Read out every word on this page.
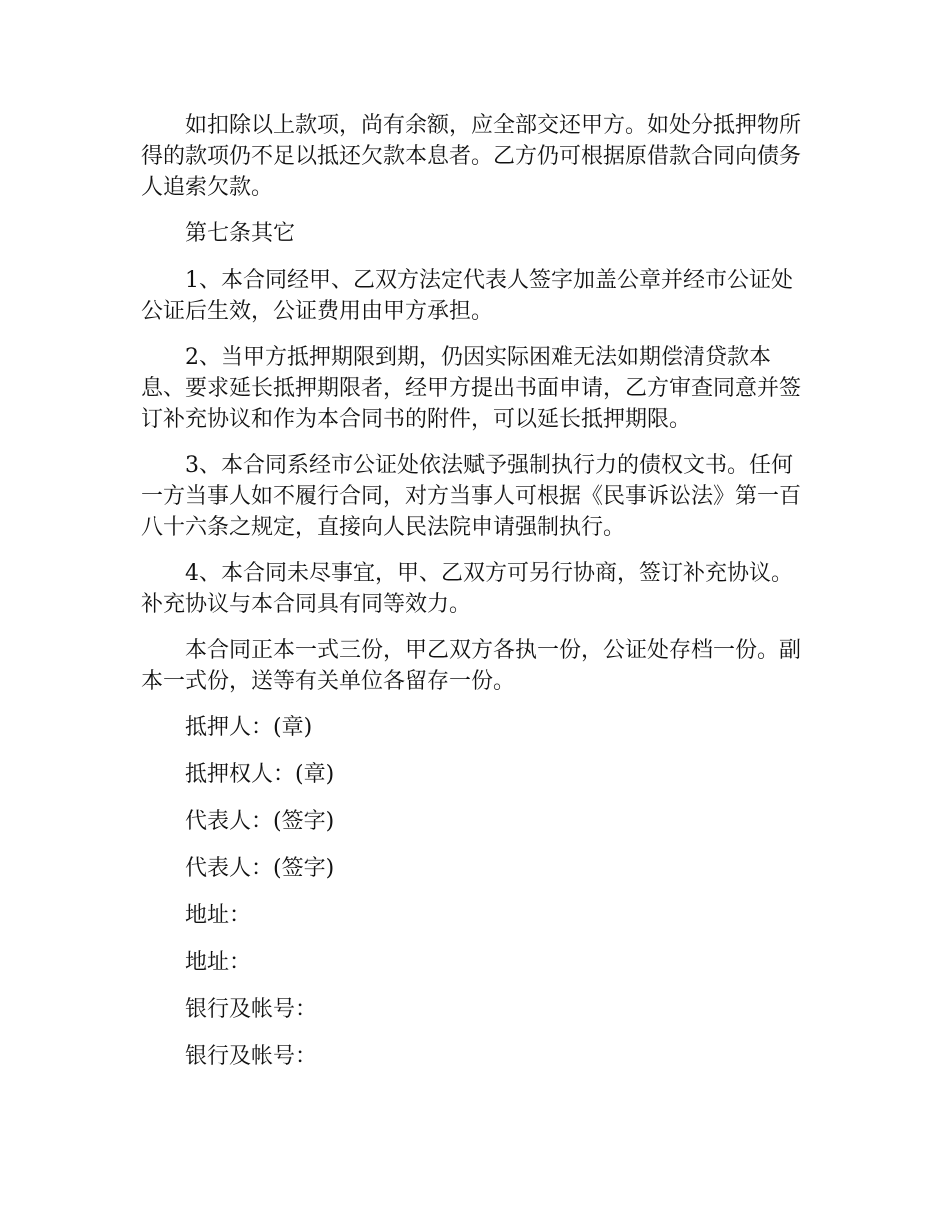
如扣除以上款项，尚有余额，应全部交还甲方。如处分抵押物所得的款项仍不足以抵还欠款本息者。乙方仍可根据原借款合同向债务人追索欠款。

第七条其它

1、本合同经甲、乙双方法定代表人签字加盖公章并经市公证处公证后生效，公证费用由甲方承担。

2、当甲方抵押期限到期，仍因实际困难无法如期偿清贷款本息、要求延长抵押期限者，经甲方提出书面申请，乙方审查同意并签订补充协议和作为本合同书的附件，可以延长抵押期限。

3、本合同系经市公证处依法赋予强制执行力的债权文书。任何一方当事人如不履行合同，对方当事人可根据《民事诉讼法》第一百八十六条之规定，直接向人民法院申请强制执行。

4、本合同未尽事宜，甲、乙双方可另行协商，签订补充协议。补充协议与本合同具有同等效力。

本合同正本一式三份，甲乙双方各执一份，公证处存档一份。副本一式份，送等有关单位各留存一份。

抵押人：(章)

抵押权人：(章)

代表人：(签字)

代表人：(签字)

地址：

地址：

银行及帐号：

银行及帐号：
